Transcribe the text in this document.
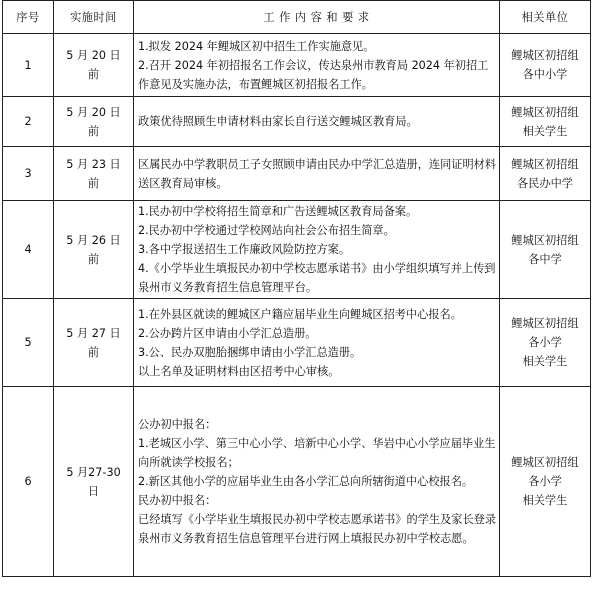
序号	实施时间	工 作 内 容 和 要 求	相关单位
1	5 月 20 日前	1.拟发 2024 年鲤城区初中招生工作实施意见。
2.召开 2024 年初招报名工作会议，传达泉州市教育局 2024 年初招工作意见及实施办法，布置鲤城区初招报名工作。	鲤城区初招组
各中小学

2	5 月 20 日前	政策优待照顾生申请材料由家长自行送交鲤城区教育局。	鲤城区初招组
相关学生

3	5 月 23 日前	区属民办中学教职员工子女照顾申请由民办中学汇总造册，连同证明材料送区教育局审核。	鲤城区初招组
各民办中学

4	5 月 26 日前	1.民办初中学校将招生简章和广告送鲤城区教育局备案。
2.民办初中学校通过学校网站向社会公布招生简章。
3.各中学报送招生工作廉政风险防控方案。
4.《小学毕业生填报民办初中学校志愿承诺书》由小学组织填写并上传到泉州市义务教育招生信息管理平台。	鲤城区初招组
各中学

5	5 月 27 日前	1.在外县区就读的鲤城区户籍应届毕业生向鲤城区招考中心报名。
2.公办跨片区申请由小学汇总造册。
3.公、民办双胞胎捆绑申请由小学汇总造册。
以上名单及证明材料由区招考中心审核。	鲤城区初招组
各小学
相关学生

6	5 月27-30 日	公办初中报名：
1.老城区小学、第三中心小学、培新中心小学、华岩中心小学应届毕业生向所就读学校报名；
2.新区其他小学的应届毕业生由各小学汇总向所辖街道中心校报名。
民办初中报名：
已经填写《小学毕业生填报民办初中学校志愿承诺书》的学生及家长登录泉州市义务教育招生信息管理平台进行网上填报民办初中学校志愿。	鲤城区初招组
各小学
相关学生
